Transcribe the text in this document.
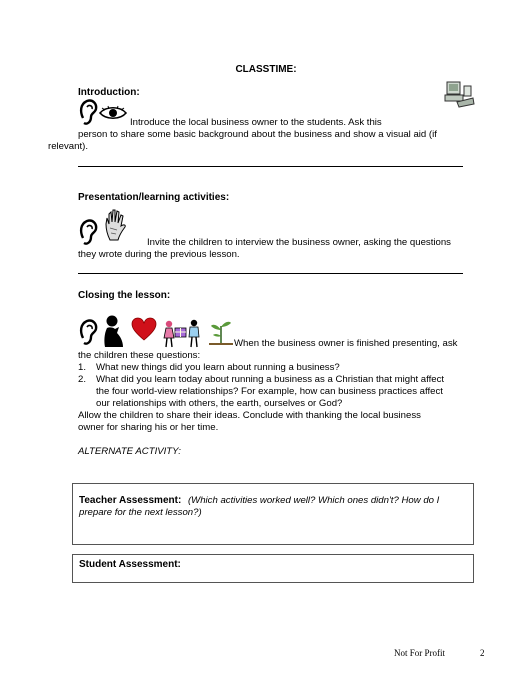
CLASSTIME:
Introduction:
Introduce the local business owner to the students. Ask this
person to share some basic background about the business and show a visual aid (if
relevant).
Presentation/learning activities:
Invite the children to interview the business owner, asking the questions
they wrote during the previous lesson.
Closing the lesson:
When the business owner is finished presenting, ask
the children these questions:
1. What new things did you learn about running a business?
2. What did you learn today about running a business as a Christian that might affect
the four world-view relationships? For example, how can business practices affect
our relationships with others, the earth, ourselves or God?
Allow the children to share their ideas. Conclude with thanking the local business
owner for sharing his or her time.
ALTERNATE ACTIVITY:
Teacher Assessment: (Which activities worked well? Which ones didn't? How do I
prepare for the next lesson?)
Student Assessment:
Not For Profit	2
